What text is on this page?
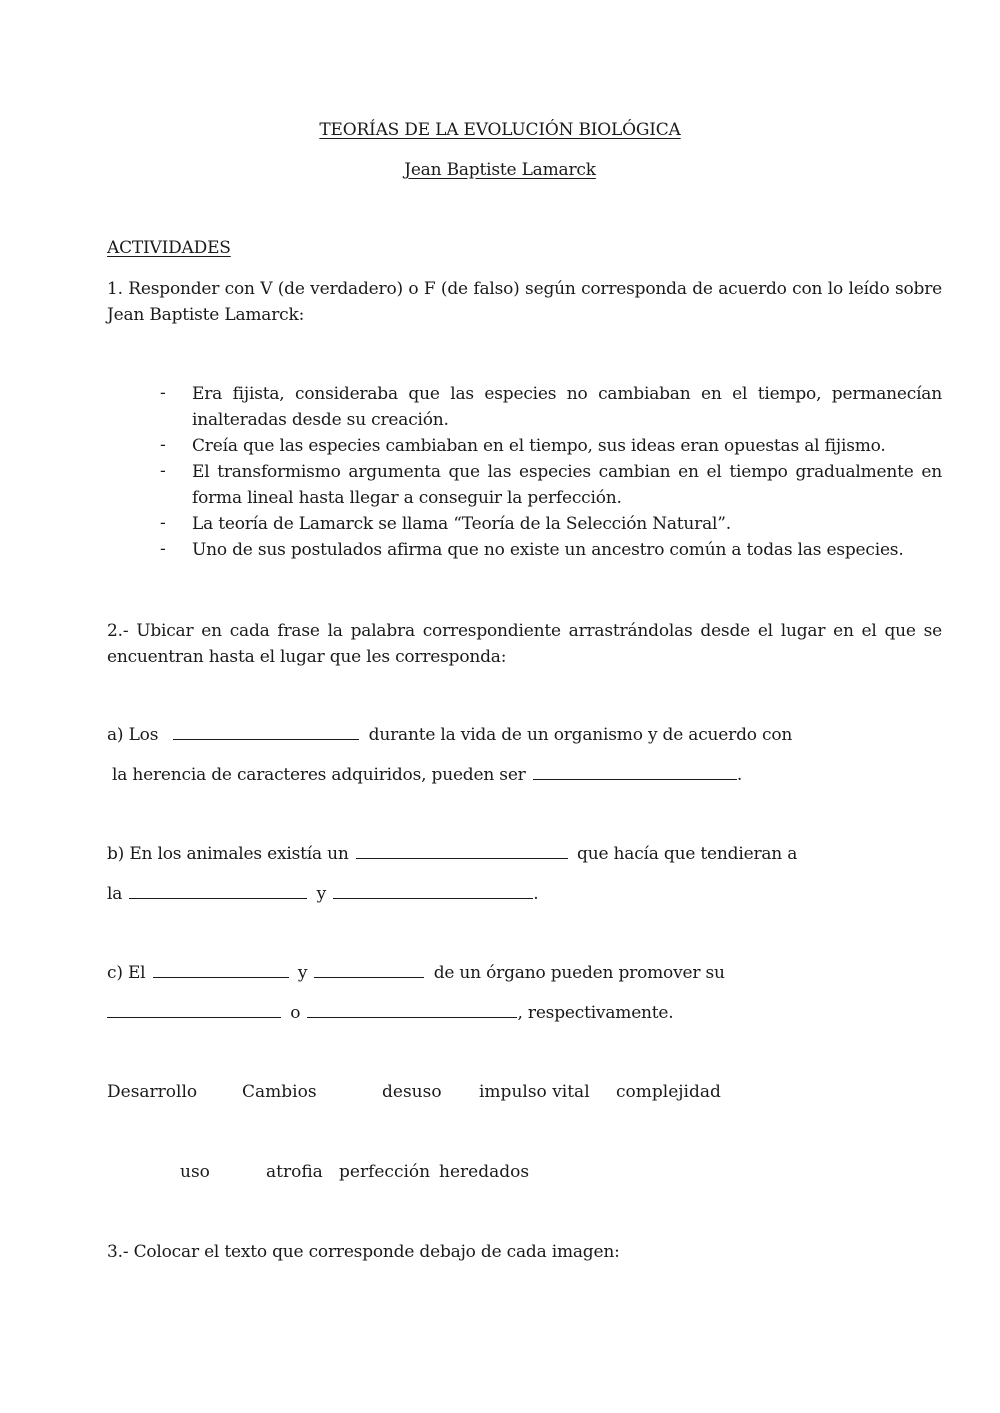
TEORÍAS DE LA EVOLUCIÓN BIOLÓGICA
Jean Baptiste Lamarck
ACTIVIDADES
1. Responder con V (de verdadero) o F (de falso) según corresponda de acuerdo con lo leído sobre Jean Baptiste Lamarck:
- Era fijista, consideraba que las especies no cambiaban en el tiempo, permanecían inalteradas desde su creación.
- Creía que las especies cambiaban en el tiempo, sus ideas eran opuestas al fijismo.
- El transformismo argumenta que las especies cambian en el tiempo gradualmente en forma lineal hasta llegar a conseguir la perfección.
- La teoría de Lamarck se llama “Teoría de la Selección Natural”.
- Uno de sus postulados afirma que no existe un ancestro común a todas las especies.
2.- Ubicar en cada frase la palabra correspondiente arrastrándolas desde el lugar en el que se encuentran hasta el lugar que les corresponda:
a) Los	durante la vida de un organismo y de acuerdo con
la herencia de caracteres adquiridos, pueden ser	.
b) En los animales existía un	que hacía que tendieran a
la	y	.
c) El	y	de un órgano pueden promover su
o	, respectivamente.
Desarrollo	Cambios	desuso impulso vital complejidad
uso	atrofia perfección heredados
3.- Colocar el texto que corresponde debajo de cada imagen:
